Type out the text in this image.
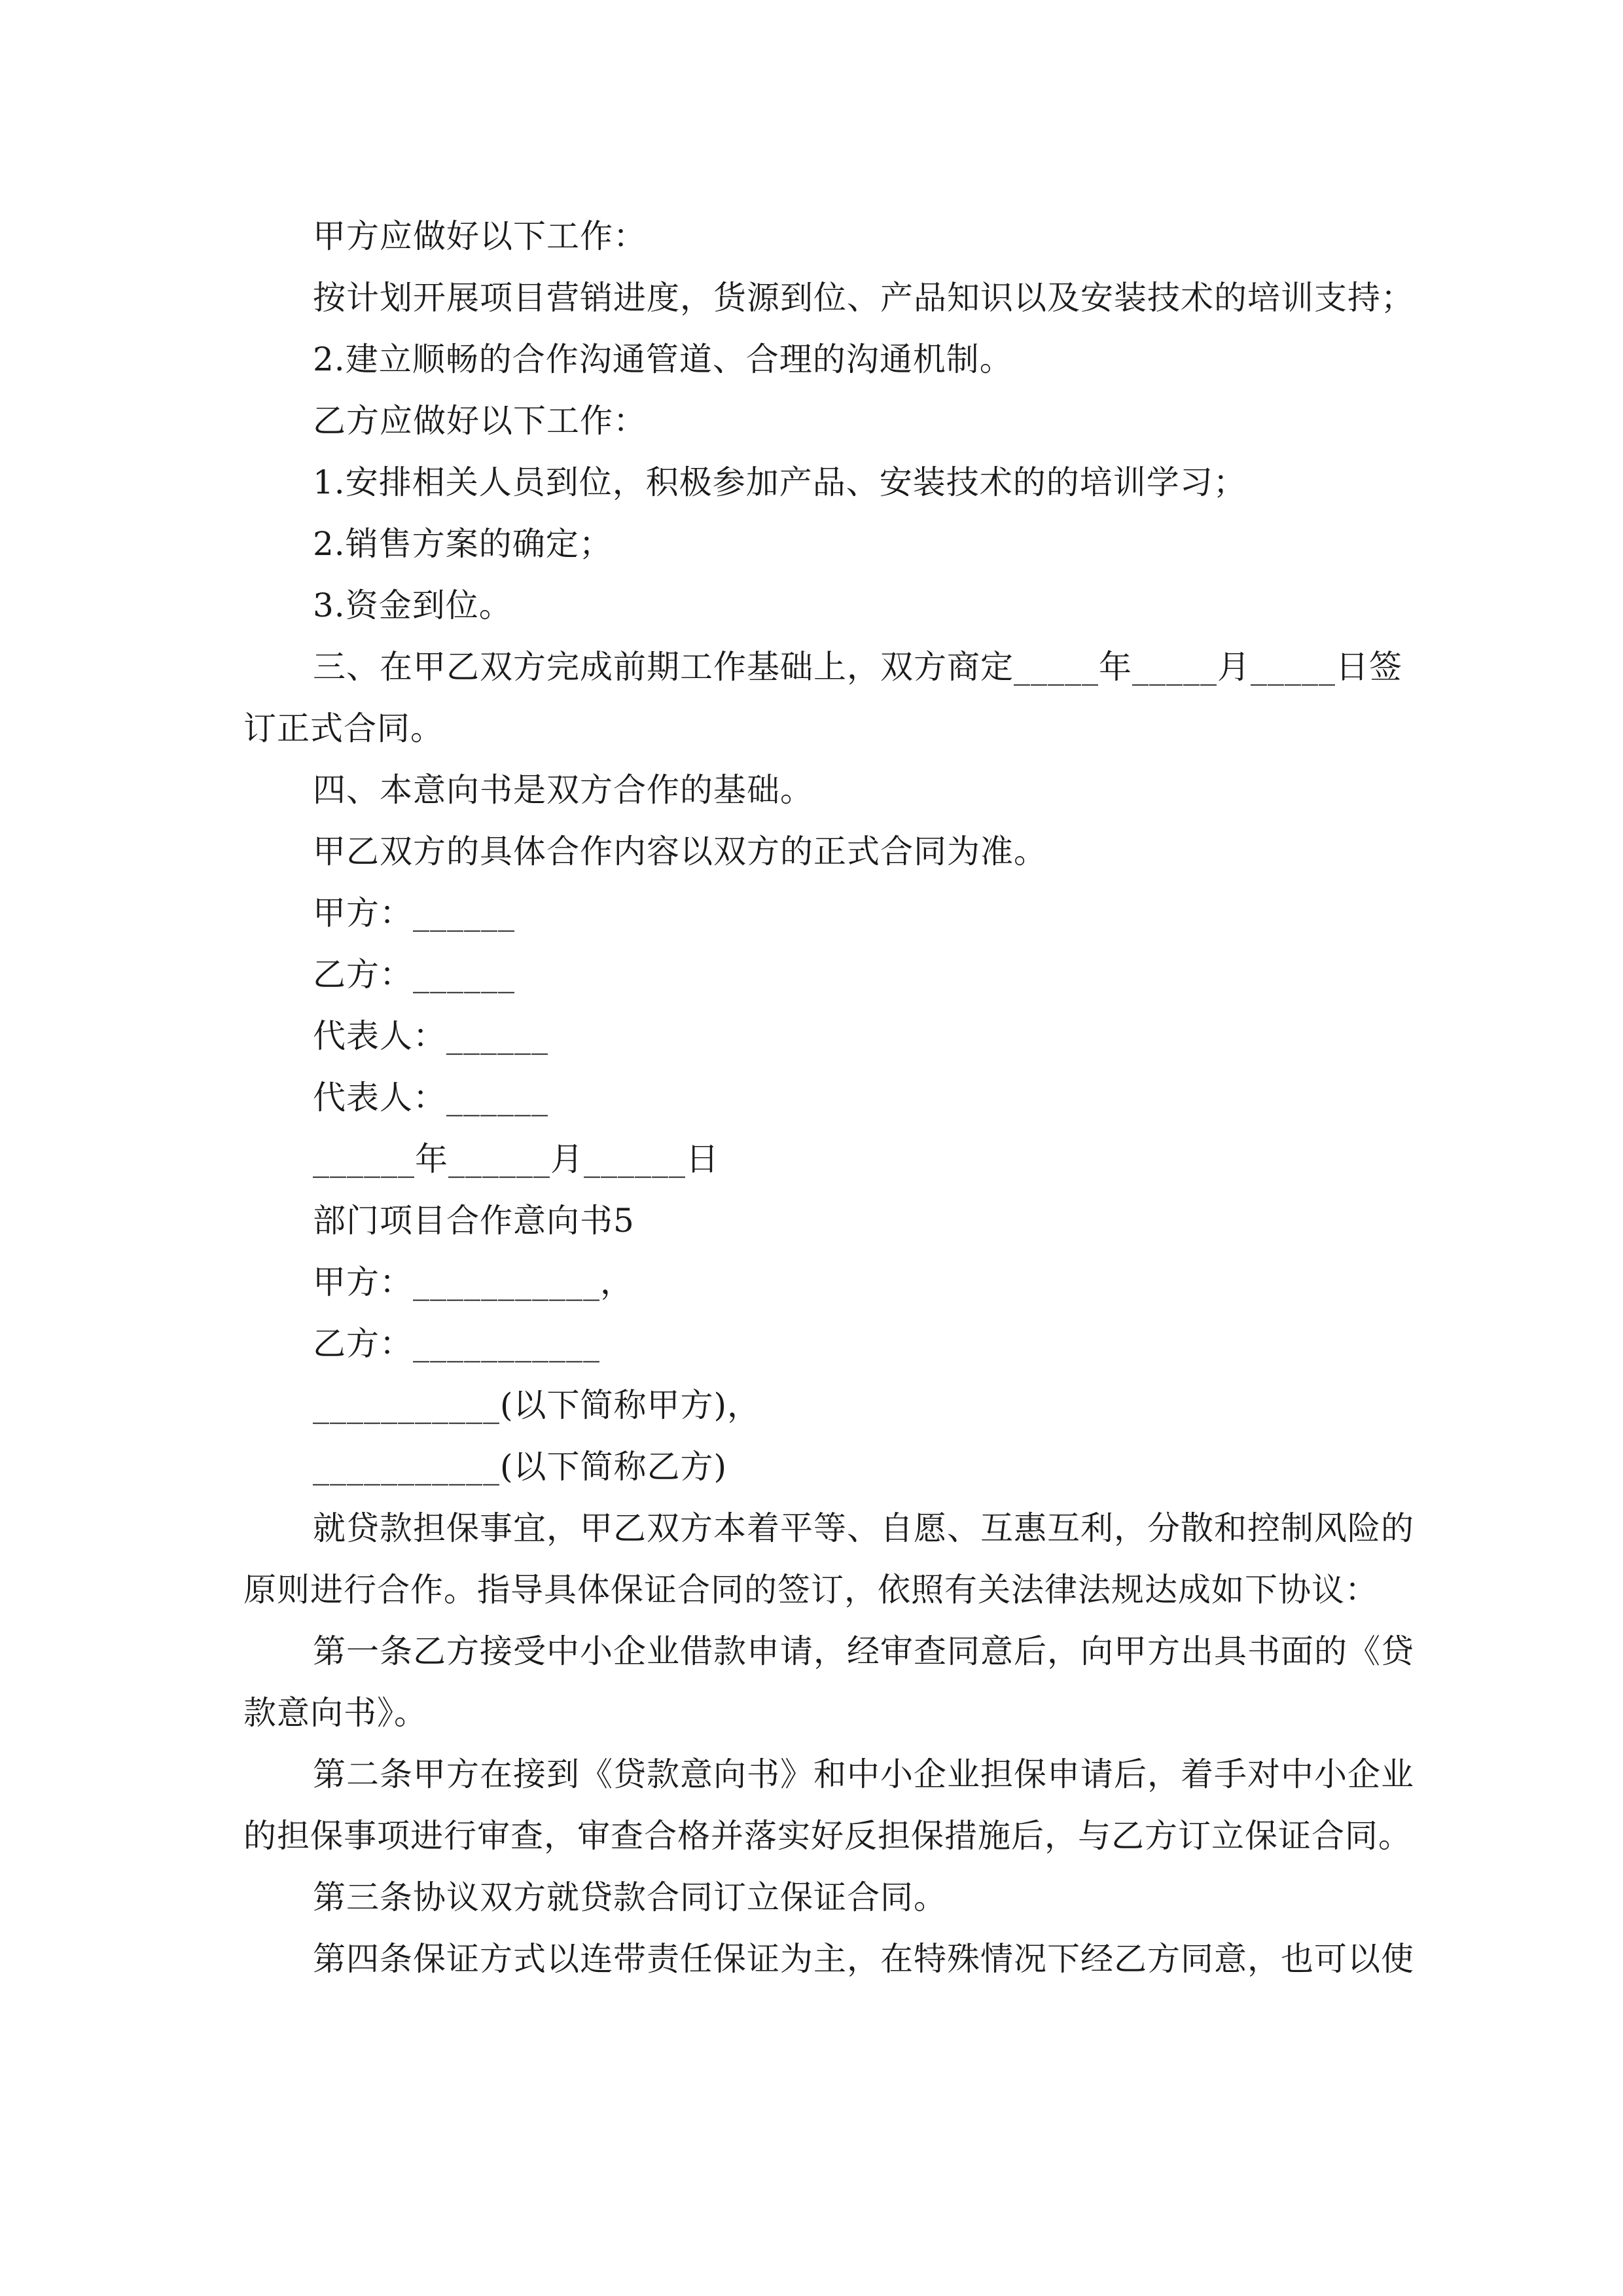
甲方应做好以下工作：
按计划开展项目营销进度，货源到位、产品知识以及安装技术的培训支持；
2.建立顺畅的合作沟通管道、合理的沟通机制。
乙方应做好以下工作：
1.安排相关人员到位，积极参加产品、安装技术的的培训学习；
2.销售方案的确定；
3.资金到位。
三、在甲乙双方完成前期工作基础上，双方商定_____年_____月_____日签
订正式合同。
四、本意向书是双方合作的基础。
甲乙双方的具体合作内容以双方的正式合同为准。
甲方：______
乙方：______
代表人：______
代表人：______
______年______月______日
部门项目合作意向书5
甲方：___________，
乙方：___________
___________(以下简称甲方)，
___________(以下简称乙方)
就贷款担保事宜，甲乙双方本着平等、自愿、互惠互利，分散和控制风险的
原则进行合作。指导具体保证合同的签订，依照有关法律法规达成如下协议：
第一条乙方接受中小企业借款申请，经审查同意后，向甲方出具书面的《贷
款意向书》。
第二条甲方在接到《贷款意向书》和中小企业担保申请后，着手对中小企业
的担保事项进行审查，审查合格并落实好反担保措施后，与乙方订立保证合同。
第三条协议双方就贷款合同订立保证合同。
第四条保证方式以连带责任保证为主，在特殊情况下经乙方同意，也可以使
